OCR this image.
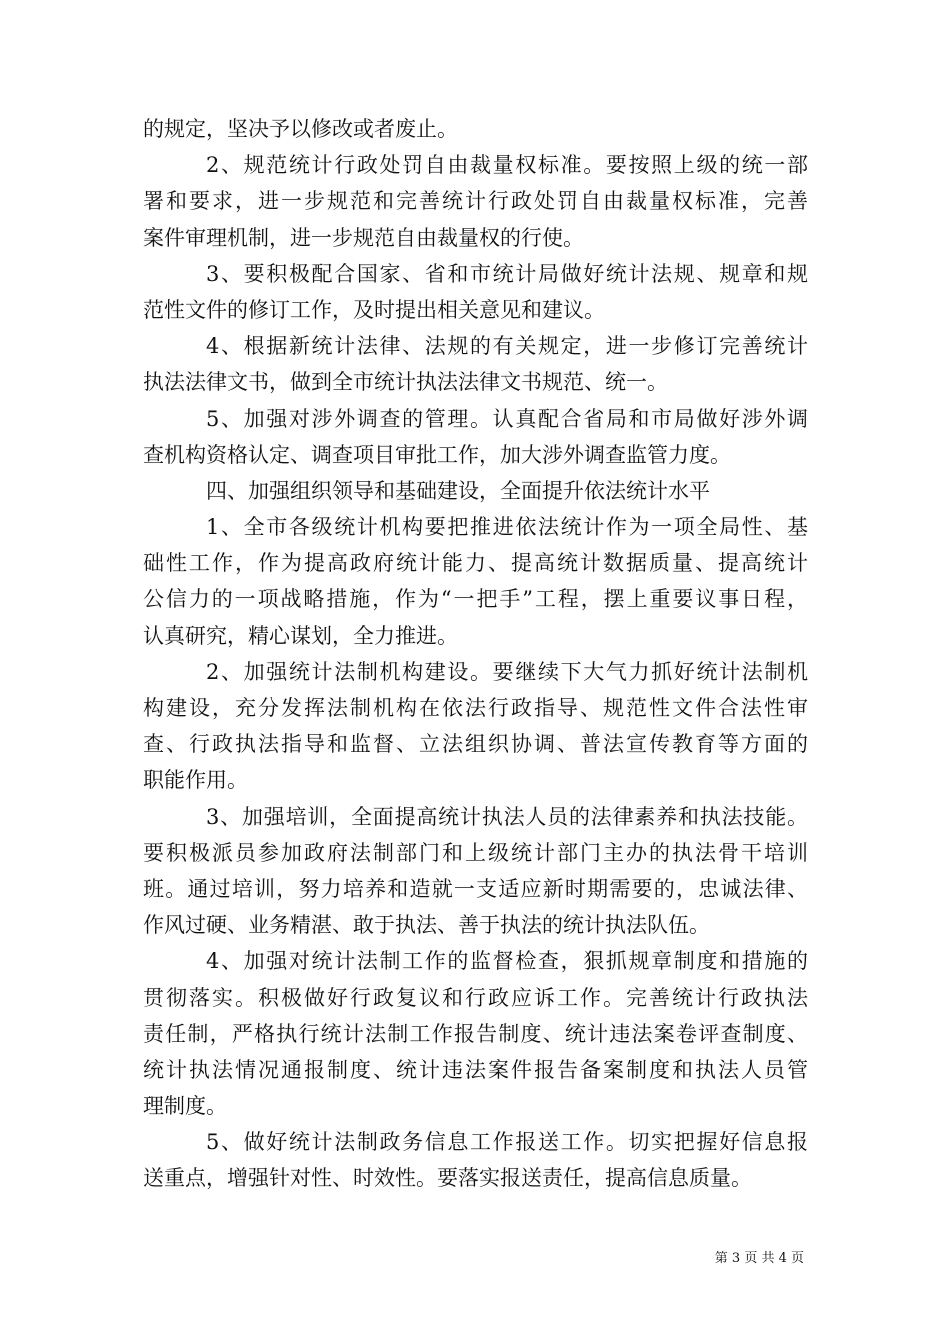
的规定，坚决予以修改或者废止。
2、规范统计行政处罚自由裁量权标准。要按照上级的统一部
署和要求，进一步规范和完善统计行政处罚自由裁量权标准，完善
案件审理机制，进一步规范自由裁量权的行使。
3、要积极配合国家、省和市统计局做好统计法规、规章和规
范性文件的修订工作，及时提出相关意见和建议。
4、根据新统计法律、法规的有关规定，进一步修订完善统计
执法法律文书，做到全市统计执法法律文书规范、统一。
5、加强对涉外调查的管理。认真配合省局和市局做好涉外调
查机构资格认定、调查项目审批工作，加大涉外调查监管力度。
四、加强组织领导和基础建设，全面提升依法统计水平
1、全市各级统计机构要把推进依法统计作为一项全局性、基
础性工作，作为提高政府统计能力、提高统计数据质量、提高统计
公信力的一项战略措施，作为“一把手”工程，摆上重要议事日程，
认真研究，精心谋划，全力推进。
2、加强统计法制机构建设。要继续下大气力抓好统计法制机
构建设，充分发挥法制机构在依法行政指导、规范性文件合法性审
查、行政执法指导和监督、立法组织协调、普法宣传教育等方面的
职能作用。
3、加强培训，全面提高统计执法人员的法律素养和执法技能。
要积极派员参加政府法制部门和上级统计部门主办的执法骨干培训
班。通过培训，努力培养和造就一支适应新时期需要的，忠诚法律、
作风过硬、业务精湛、敢于执法、善于执法的统计执法队伍。
4、加强对统计法制工作的监督检查，狠抓规章制度和措施的
贯彻落实。积极做好行政复议和行政应诉工作。完善统计行政执法
责任制，严格执行统计法制工作报告制度、统计违法案卷评查制度、
统计执法情况通报制度、统计违法案件报告备案制度和执法人员管
理制度。
5、做好统计法制政务信息工作报送工作。切实把握好信息报
送重点，增强针对性、时效性。要落实报送责任，提高信息质量。
第 3 页 共 4 页
